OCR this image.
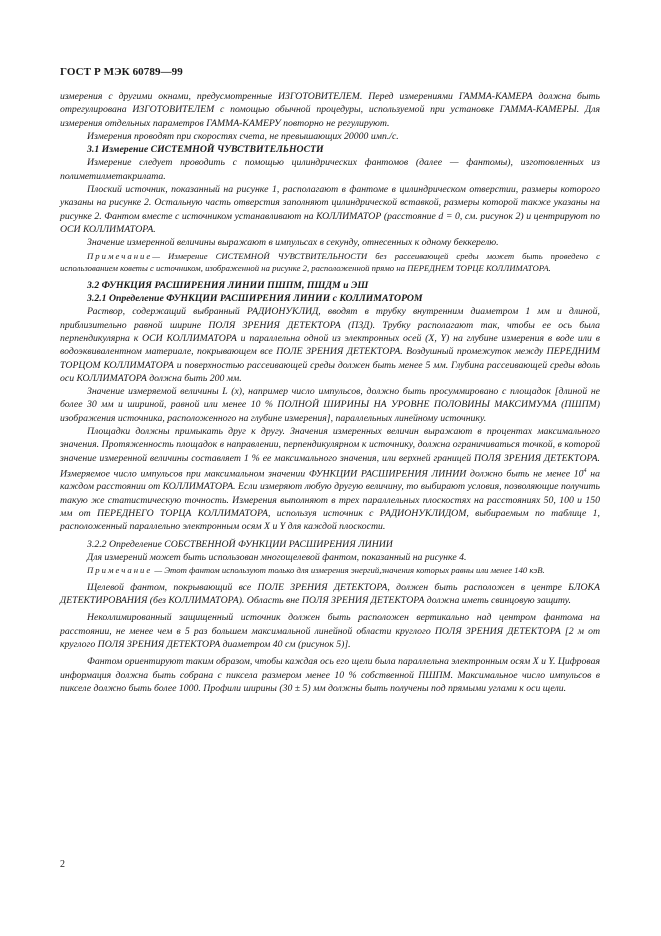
ГОСТ Р МЭК 60789—99

измерения с другими окнами, предусмотренные ИЗГОТОВИТЕЛЕМ. Перед измерениями ГАММА-КАМЕРА должна быть отрегулирована ИЗГОТОВИТЕЛЕМ с помощью обычной процедуры, используемой при установке ГАММА-КАМЕРЫ. Для измерения отдельных параметров ГАММА-КАМЕРУ повторно не регулируют.

Измерения проводят при скоростях счета, не превышающих 20000 имп./с.

3.1 Измерение СИСТЕМНОЙ ЧУВСТВИТЕЛЬНОСТИ

Измерение следует проводить с помощью цилиндрических фантомов (далее — фантомы), изготовленных из полиметилметакрилата.

Плоский источник, показанный на рисунке 1, располагают в фантоме в цилиндрическом отверстии, размеры которого указаны на рисунке 2. Остальную часть отверстия заполняют цилиндрической вставкой, размеры которой также указаны на рисунке 2. Фантом вместе с источником устанавливают на КОЛЛИМАТОР (расстояние d = 0, см. рисунок 2) и центрируют по ОСИ КОЛЛИМАТОРА.

Значение измеренной величины выражают в импульсах в секунду, отнесенных к одному беккерелю.

Примечание— Измерение СИСТЕМНОЙ ЧУВСТВИТЕЛЬНОСТИ без рассеивающей среды может быть проведено с использованием коветы с источником, изображенной на рисунке 2, расположенной прямо на ПЕРЕДНЕМ ТОРЦЕ КОЛЛИМАТОРА.

3.2 ФУНКЦИЯ РАСШИРЕНИЯ ЛИНИИ ПШПМ, ПШДМ и ЭШ

3.2.1 Определение ФУНКЦИИ РАСШИРЕНИЯ ЛИНИИ с КОЛЛИМАТОРОМ

Раствор, содержащий выбранный РАДИОНУКЛИД, вводят в трубку внутренним диаметром 1 мм и длиной, приблизительно равной ширине ПОЛЯ ЗРЕНИЯ ДЕТЕКТОРА (ПЗД). Трубку располагают так, чтобы ее ось была перпендикулярна к ОСИ КОЛЛИМАТОРА и параллельна одной из электронных осей (X, Y) на глубине измерения в воде или в водоэквивалентном материале, покрывающем все ПОЛЕ ЗРЕНИЯ ДЕТЕКТОРА. Воздушный промежуток между ПЕРЕДНИМ ТОРЦОМ КОЛЛИМАТОРА и поверхностью рассеивающей среды должен быть менее 5 мм. Глубина рассеивающей среды вдоль оси КОЛЛИМАТОРА должна быть 200 мм.

Значение измеряемой величины L (x), например число импульсов, должно быть просуммировано с площадок [длиной не более 30 мм и шириной, равной или менее 10 % ПОЛНОЙ ШИРИНЫ НА УРОВНЕ ПОЛОВИНЫ МАКСИМУМА (ПШПМ) изображения источника, расположенного на глубине измерения], параллельных линейному источнику.

Площадки должны примыкать друг к другу. Значения измеренных величин выражают в процентах максимального значения. Протяженность площадок в направлении, перпендикулярном к источнику, должна ограничиваться точкой, в которой значение измеренной величины составляет 1 % ее максимального значения, или верхней границей ПОЛЯ ЗРЕНИЯ ДЕТЕКТОРА. Измеряемое число импульсов при максимальном значении ФУНКЦИИ РАСШИРЕНИЯ ЛИНИИ должно быть не менее $10^4$ на каждом расстоянии от КОЛЛИМАТОРА. Если измеряют любую другую величину, то выбирают условия, позволяющие получить такую же статистическую точность. Измерения выполняют в трех параллельных плоскостях на расстояниях 50, 100 и 150 мм от ПЕРЕДНЕГО ТОРЦА КОЛЛИМАТОРА, используя источник с РАДИОНУКЛИДОМ, выбираемым по таблице 1, расположенный параллельно электронным осям X и Y для каждой плоскости.

3.2.2 Определение СОБСТВЕННОЙ ФУНКЦИИ РАСШИРЕНИЯ ЛИНИИ

Для измерений может быть использован многощелевой фантом, показанный на рисунке 4.

Примечание — Этот фантом используют только для измерения энергий,значения которых равны или менее 140 кэВ.

Щелевой фантом, покрывающий все ПОЛЕ ЗРЕНИЯ ДЕТЕКТОРА, должен быть расположен в центре БЛОКА ДЕТЕКТИРОВАНИЯ (без КОЛЛИМАТОРА). Область вне ПОЛЯ ЗРЕНИЯ ДЕТЕКТОРА должна иметь свинцовую защиту.

Неколлимированный защищенный источник должен быть расположен вертикально над центром фантома на расстоянии, не менее чем в 5 раз большем максимальной линейной области круглого ПОЛЯ ЗРЕНИЯ ДЕТЕКТОРА [2 м от круглого ПОЛЯ ЗРЕНИЯ ДЕТЕКТОРА диаметром 40 см (рисунок 5)].

Фантом ориентируют таким образом, чтобы каждая ось его щели была параллельна электронным осям X и Y. Цифровая информация должна быть собрана с пиксела размером менее 10 % собственной ПШПМ. Максимальное число импульсов в пикселе должно быть более 1000. Профили ширины (30 ± 5) мм должны быть получены под прямыми углами к оси щели.

2
